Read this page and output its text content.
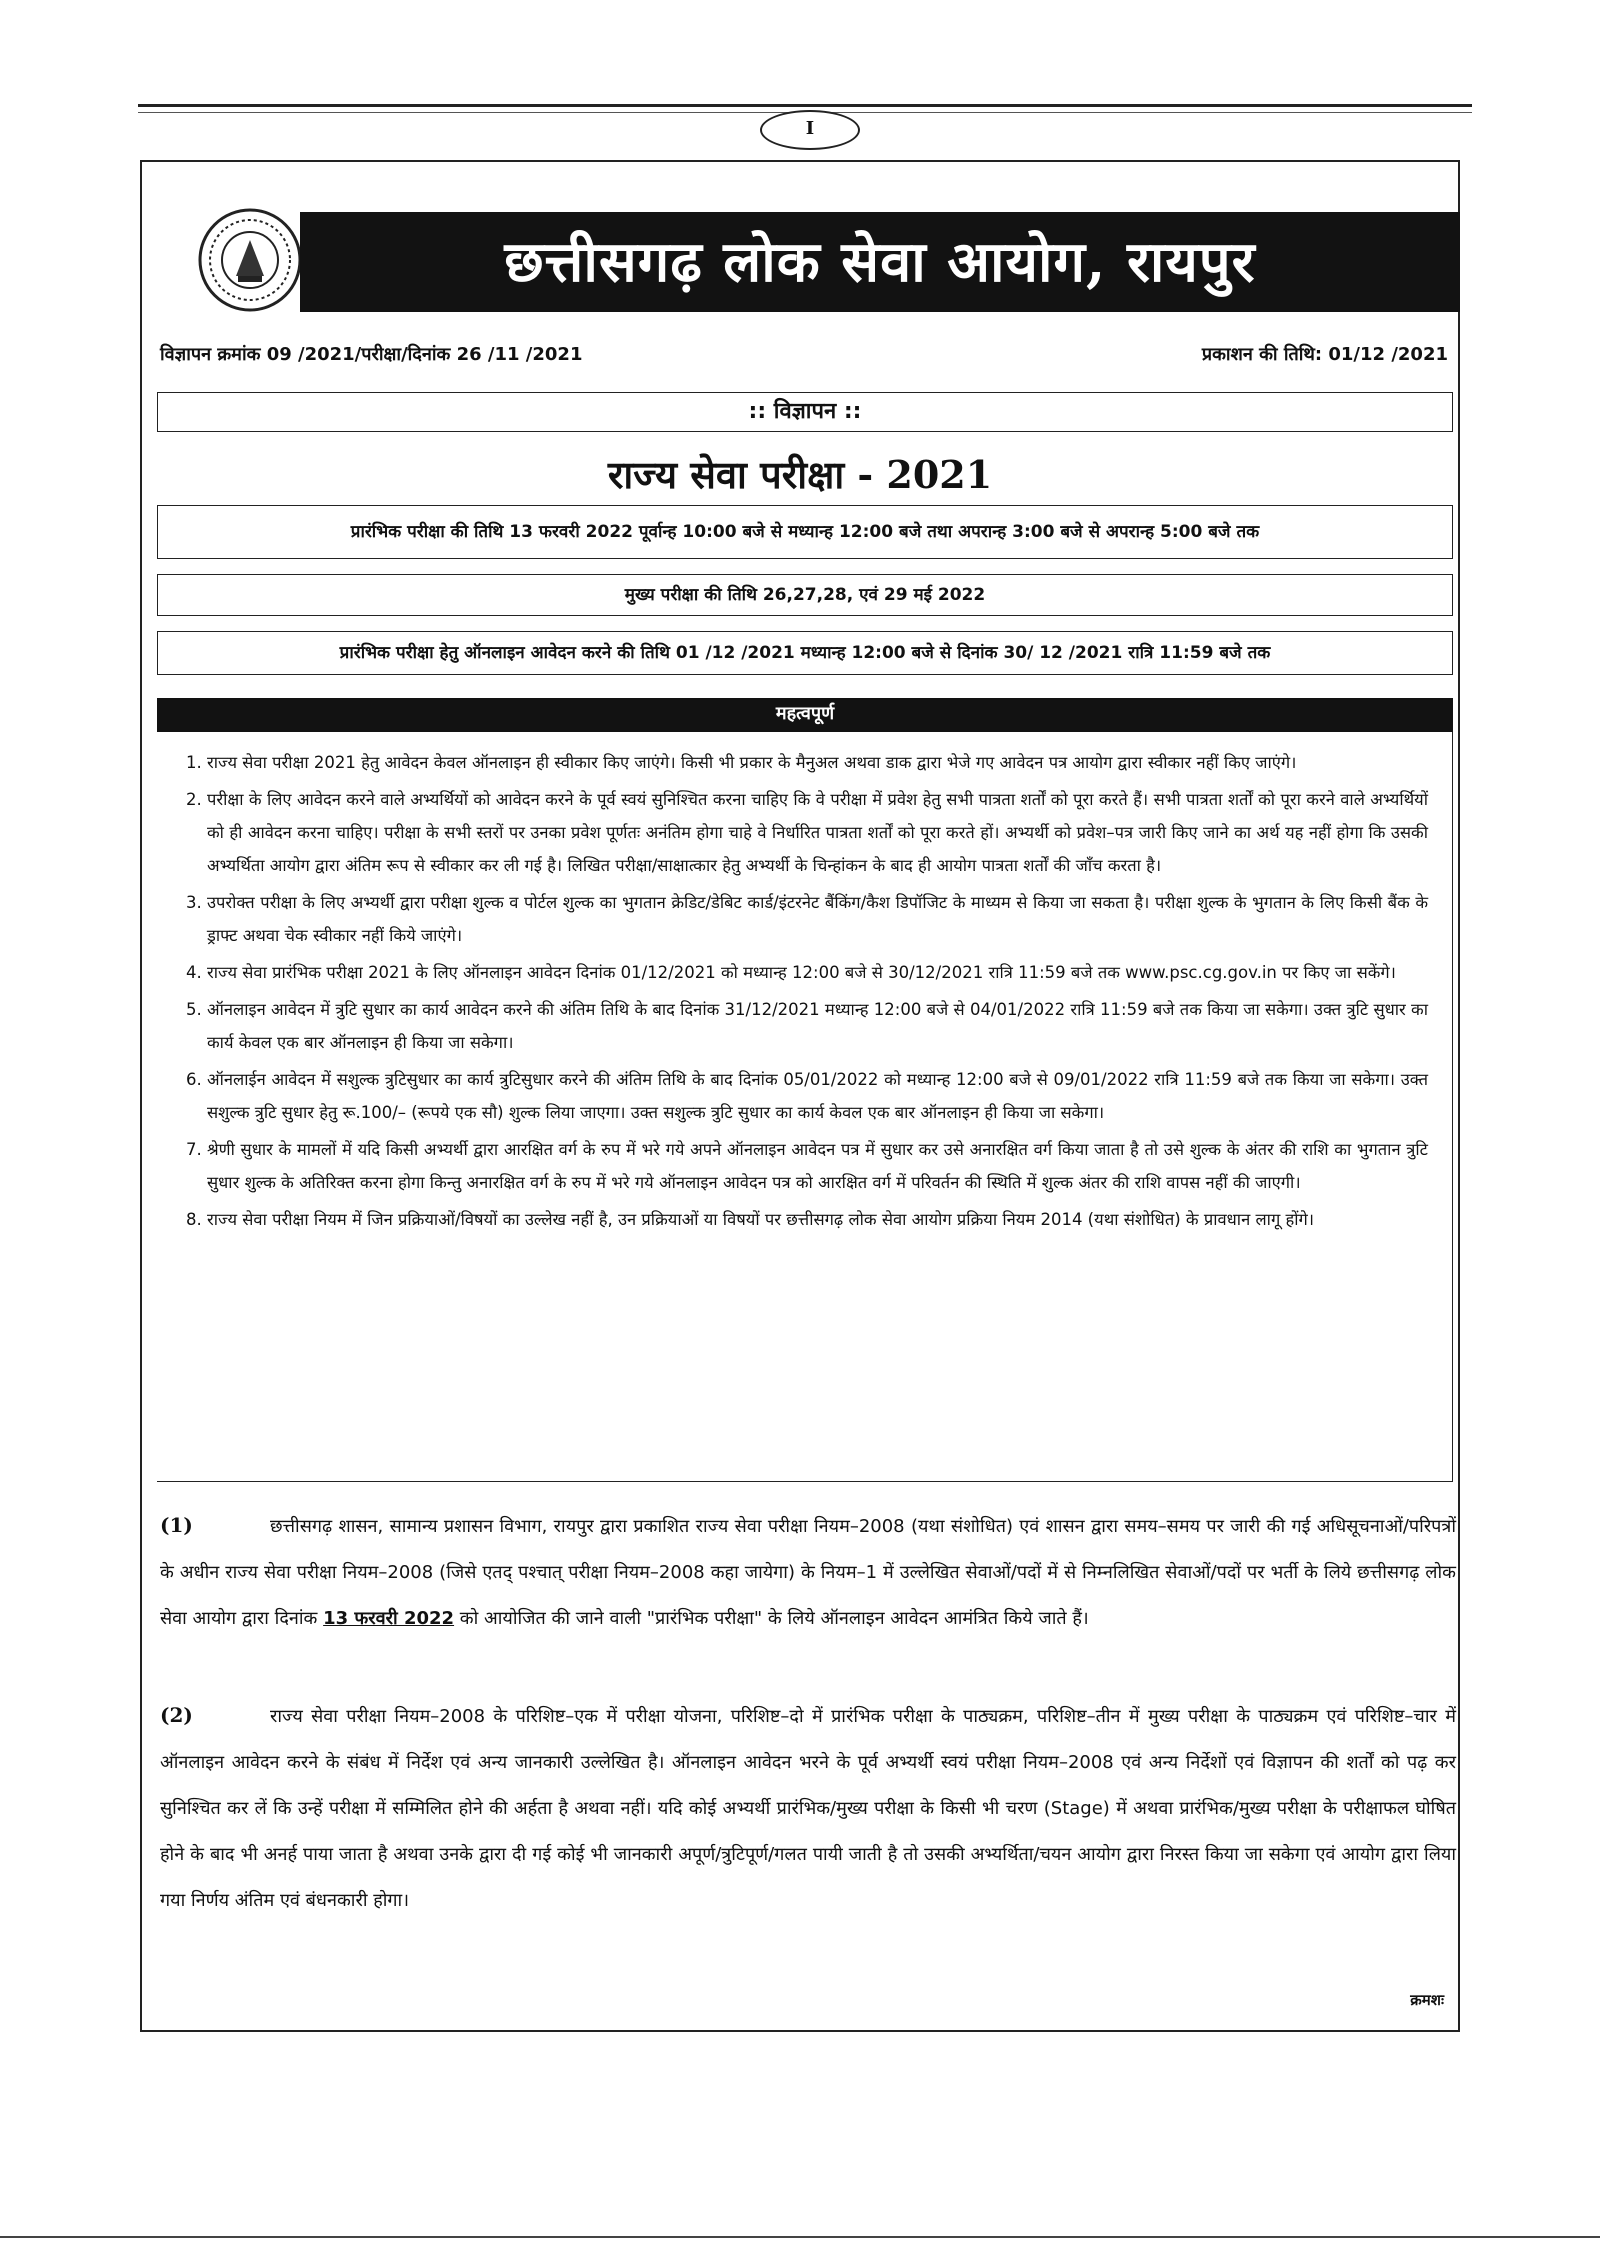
I
छत्तीसगढ़ लोक सेवा आयोग, रायपुर
विज्ञापन क्रमांक 09 /2021/परीक्षा/दिनांक 26 /11 /2021	प्रकाशन की तिथि: 01/12 /2021
:: विज्ञापन ::
राज्य सेवा परीक्षा - 2021
प्रारंभिक परीक्षा की तिथि 13 फरवरी 2022 पूर्वान्ह 10:00 बजे से मध्यान्ह 12:00 बजे तथा अपरान्ह 3:00 बजे से अपरान्ह 5:00 बजे तक
मुख्य परीक्षा की तिथि 26,27,28, एवं 29 मई 2022
प्रारंभिक परीक्षा हेतु ऑनलाइन आवेदन करने की तिथि 01 /12 /2021 मध्यान्ह 12:00 बजे से दिनांक 30/ 12 /2021 रात्रि 11:59 बजे तक
महत्वपूर्ण
1. राज्य सेवा परीक्षा 2021 हेतु आवेदन केवल ऑनलाइन ही स्वीकार किए जाएंगे। किसी भी प्रकार के मैनुअल अथवा डाक द्वारा भेजे गए आवेदन पत्र आयोग द्वारा स्वीकार नहीं किए जाएंगे।
2. परीक्षा के लिए आवेदन करने वाले अभ्यर्थियों को आवेदन करने के पूर्व स्वयं सुनिश्चित करना चाहिए कि वे परीक्षा में प्रवेश हेतु सभी पात्रता शर्तों को पूरा करते हैं। सभी पात्रता शर्तों को पूरा करने वाले अभ्यर्थियों को ही आवेदन करना चाहिए। परीक्षा के सभी स्तरों पर उनका प्रवेश पूर्णतः अनंतिम होगा चाहे वे निर्धारित पात्रता शर्तों को पूरा करते हों। अभ्यर्थी को प्रवेश–पत्र जारी किए जाने का अर्थ यह नहीं होगा कि उसकी अभ्यर्थिता आयोग द्वारा अंतिम रूप से स्वीकार कर ली गई है। लिखित परीक्षा/साक्षात्कार हेतु अभ्यर्थी के चिन्हांकन के बाद ही आयोग पात्रता शर्तों की जाँच करता है।
3. उपरोक्त परीक्षा के लिए अभ्यर्थी द्वारा परीक्षा शुल्क व पोर्टल शुल्क का भुगतान क्रेडिट/डेबिट कार्ड/इंटरनेट बैंकिंग/कैश डिपॉजिट के माध्यम से किया जा सकता है। परीक्षा शुल्क के भुगतान के लिए किसी बैंक के ड्राफ्ट अथवा चेक स्वीकार नहीं किये जाएंगे।
4. राज्य सेवा प्रारंभिक परीक्षा 2021 के लिए ऑनलाइन आवेदन दिनांक 01/12/2021 को मध्यान्ह 12:00 बजे से 30/12/2021 रात्रि 11:59 बजे तक www.psc.cg.gov.in पर किए जा सकेंगे।
5. ऑनलाइन आवेदन में त्रुटि सुधार का कार्य आवेदन करने की अंतिम तिथि के बाद दिनांक 31/12/2021 मध्यान्ह 12:00 बजे से 04/01/2022 रात्रि 11:59 बजे तक किया जा सकेगा। उक्त त्रुटि सुधार का कार्य केवल एक बार ऑनलाइन ही किया जा सकेगा।
6. ऑनलाईन आवेदन में सशुल्क त्रुटिसुधार का कार्य त्रुटिसुधार करने की अंतिम तिथि के बाद दिनांक 05/01/2022 को मध्यान्ह 12:00 बजे से 09/01/2022 रात्रि 11:59 बजे तक किया जा सकेगा। उक्त सशुल्क त्रुटि सुधार हेतु रू.100/– (रूपये एक सौ) शुल्क लिया जाएगा। उक्त सशुल्क त्रुटि सुधार का कार्य केवल एक बार ऑनलाइन ही किया जा सकेगा।
7. श्रेणी सुधार के मामलों में यदि किसी अभ्यर्थी द्वारा आरक्षित वर्ग के रुप में भरे गये अपने ऑनलाइन आवेदन पत्र में सुधार कर उसे अनारक्षित वर्ग किया जाता है तो उसे शुल्क के अंतर की राशि का भुगतान त्रुटि सुधार शुल्क के अतिरिक्त करना होगा किन्तु अनारक्षित वर्ग के रुप में भरे गये ऑनलाइन आवेदन पत्र को आरक्षित वर्ग में परिवर्तन की स्थिति में शुल्क अंतर की राशि वापस नहीं की जाएगी।
8. राज्य सेवा परीक्षा नियम में जिन प्रक्रियाओं/विषयों का उल्लेख नहीं है, उन प्रक्रियाओं या विषयों पर छत्तीसगढ़ लोक सेवा आयोग प्रक्रिया नियम 2014 (यथा संशोधित) के प्रावधान लागू होंगे।
(1)	छत्तीसगढ़ शासन, सामान्य प्रशासन विभाग, रायपुर द्वारा प्रकाशित राज्य सेवा परीक्षा नियम–2008 (यथा संशोधित) एवं शासन द्वारा समय–समय पर जारी की गई अधिसूचनाओं/परिपत्रों के अधीन राज्य सेवा परीक्षा नियम–2008 (जिसे एतद् पश्चात् परीक्षा नियम–2008 कहा जायेगा) के नियम–1 में उल्लेखित सेवाओं/पदों में से निम्नलिखित सेवाओं/पदों पर भर्ती के लिये छत्तीसगढ़ लोक सेवा आयोग द्वारा दिनांक 13 फरवरी 2022 को आयोजित की जाने वाली "प्रारंभिक परीक्षा" के लिये ऑनलाइन आवेदन आमंत्रित किये जाते हैं।
(2)	राज्य सेवा परीक्षा नियम–2008 के परिशिष्ट–एक में परीक्षा योजना, परिशिष्ट–दो में प्रारंभिक परीक्षा के पाठ्यक्रम, परिशिष्ट–तीन में मुख्य परीक्षा के पाठ्यक्रम एवं परिशिष्ट–चार में ऑनलाइन आवेदन करने के संबंध में निर्देश एवं अन्य जानकारी उल्लेखित है। ऑनलाइन आवेदन भरने के पूर्व अभ्यर्थी स्वयं परीक्षा नियम–2008 एवं अन्य निर्देशों एवं विज्ञापन की शर्तों को पढ़ कर सुनिश्चित कर लें कि उन्हें परीक्षा में सम्मिलित होने की अर्हता है अथवा नहीं। यदि कोई अभ्यर्थी प्रारंभिक/मुख्य परीक्षा के किसी भी चरण (Stage) में अथवा प्रारंभिक/मुख्य परीक्षा के परीक्षाफल घोषित होने के बाद भी अनर्ह पाया जाता है अथवा उनके द्वारा दी गई कोई भी जानकारी अपूर्ण/त्रुटिपूर्ण/गलत पायी जाती है तो उसकी अभ्यर्थिता/चयन आयोग द्वारा निरस्त किया जा सकेगा एवं आयोग द्वारा लिया गया निर्णय अंतिम एवं बंधनकारी होगा।
क्रमशः
